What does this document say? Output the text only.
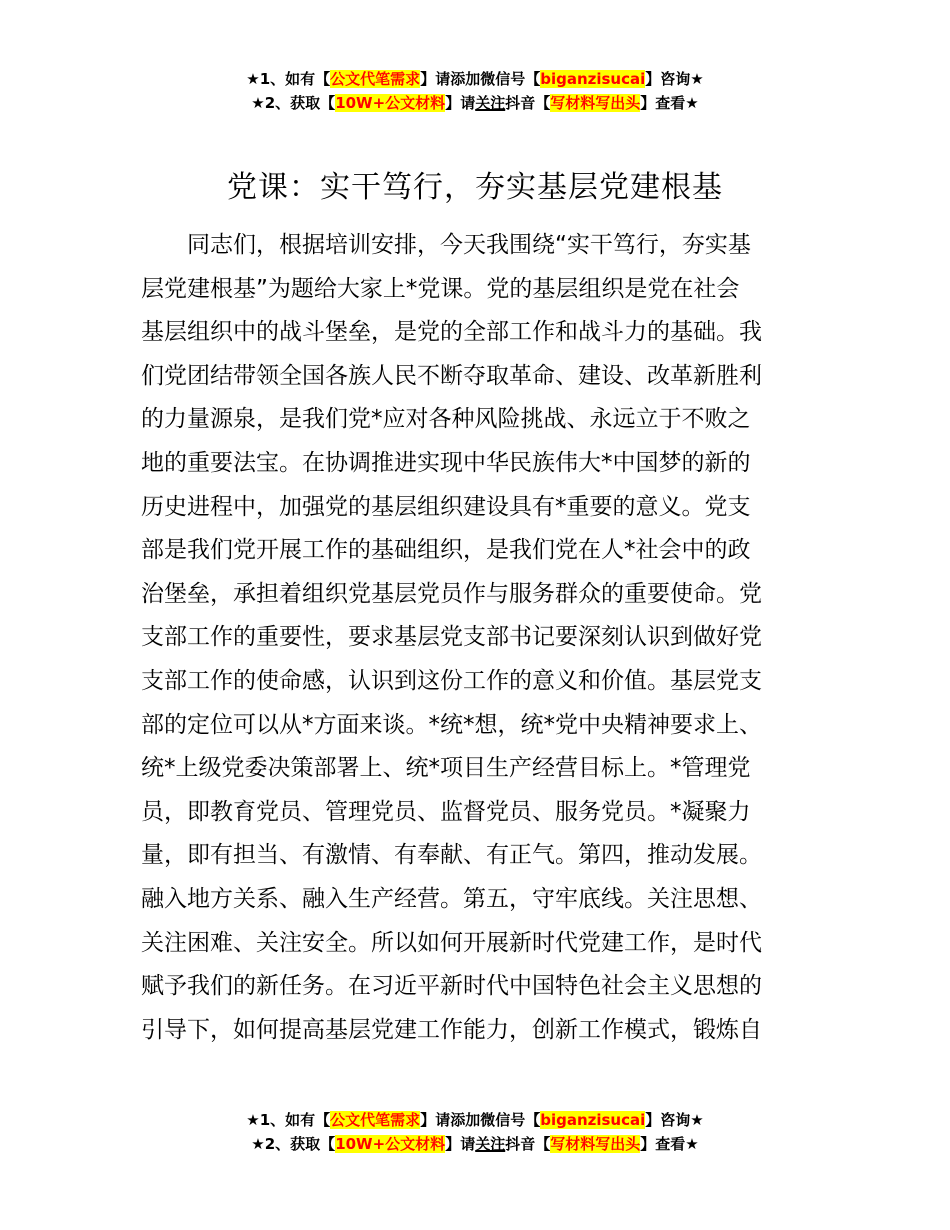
★1、如有【公文代笔需求】请添加微信号【biganzisucai】咨询★
★2、获取【10W+公文材料】请关注抖音【写材料写出头】查看★
党课：实干笃行，夯实基层党建根基
同志们，根据培训安排，今天我围绕“实干笃行，夯实基
层党建根基”为题给大家上*党课。党的基层组织是党在社会
基层组织中的战斗堡垒，是党的全部工作和战斗力的基础。我
们党团结带领全国各族人民不断夺取革命、建设、改革新胜利
的力量源泉，是我们党*应对各种风险挑战、永远立于不败之
地的重要法宝。在协调推进实现中华民族伟大*中国梦的新的
历史进程中，加强党的基层组织建设具有*重要的意义。党支
部是我们党开展工作的基础组织，是我们党在人*社会中的政
治堡垒，承担着组织党基层党员作与服务群众的重要使命。党
支部工作的重要性，要求基层党支部书记要深刻认识到做好党
支部工作的使命感，认识到这份工作的意义和价值。基层党支
部的定位可以从*方面来谈。*统*想，统*党中央精神要求上、
统*上级党委决策部署上、统*项目生产经营目标上。*管理党
员，即教育党员、管理党员、监督党员、服务党员。*凝聚力
量，即有担当、有激情、有奉献、有正气。第四，推动发展。
融入地方关系、融入生产经营。第五，守牢底线。关注思想、
关注困难、关注安全。所以如何开展新时代党建工作，是时代
赋予我们的新任务。在习近平新时代中国特色社会主义思想的
引导下，如何提高基层党建工作能力，创新工作模式，锻炼自
★1、如有【公文代笔需求】请添加微信号【biganzisucai】咨询★
★2、获取【10W+公文材料】请关注抖音【写材料写出头】查看★
